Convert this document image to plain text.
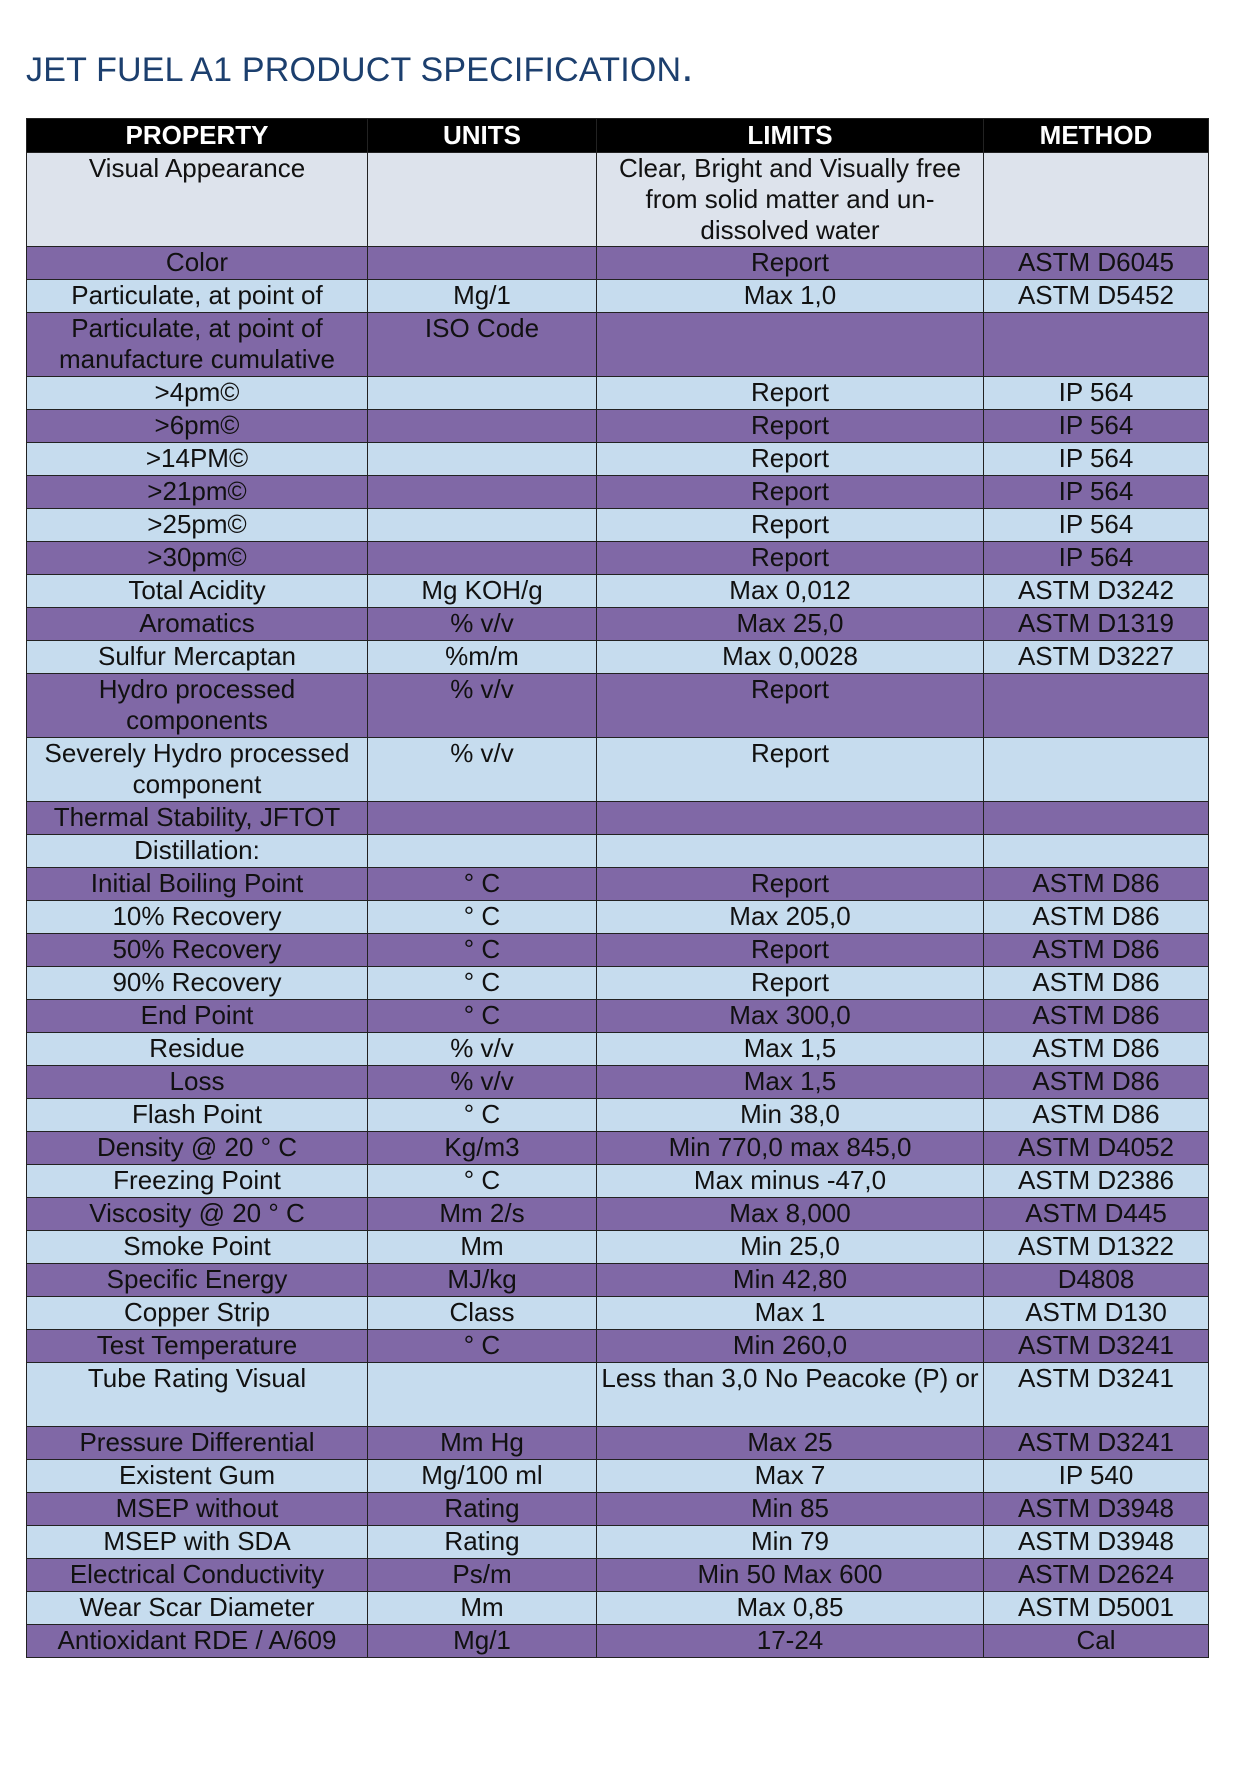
JET FUEL A1 PRODUCT SPECIFICATION.
PROPERTY	UNITS	LIMITS	METHOD
Visual Appearance		Clear, Bright and Visually free from solid matter and un-dissolved water	
Color		Report	ASTM D6045
Particulate, at point of	Mg/1	Max 1,0	ASTM D5452
Particulate, at point of manufacture cumulative	ISO Code		
>4pm©		Report	IP 564
>6pm©		Report	IP 564
>14PM©		Report	IP 564
>21pm©		Report	IP 564
>25pm©		Report	IP 564
>30pm©		Report	IP 564
Total Acidity	Mg KOH/g	Max 0,012	ASTM D3242
Aromatics	% v/v	Max 25,0	ASTM D1319
Sulfur Mercaptan	%m/m	Max 0,0028	ASTM D3227
Hydro processed components	% v/v	Report	
Severely Hydro processed component	% v/v	Report	
Thermal Stability, JFTOT			
Distillation:			
Initial Boiling Point	° C	Report	ASTM D86
10% Recovery	° C	Max 205,0	ASTM D86
50% Recovery	° C	Report	ASTM D86
90% Recovery	° C	Report	ASTM D86
End Point	° C	Max 300,0	ASTM D86
Residue	% v/v	Max 1,5	ASTM D86
Loss	% v/v	Max 1,5	ASTM D86
Flash Point	° C	Min 38,0	ASTM D86
Density @ 20 ° C	Kg/m3	Min 770,0 max 845,0	ASTM D4052
Freezing Point	° C	Max minus -47,0	ASTM D2386
Viscosity @ 20 ° C	Mm 2/s	Max 8,000	ASTM D445
Smoke Point	Mm	Min 25,0	ASTM D1322
Specific Energy	MJ/kg	Min 42,80	D4808
Copper Strip	Class	Max 1	ASTM D130
Test Temperature	° C	Min 260,0	ASTM D3241
Tube Rating Visual		Less than 3,0 No Peacoke (P) or	ASTM D3241
Pressure Differential	Mm Hg	Max 25	ASTM D3241
Existent Gum	Mg/100 ml	Max 7	IP 540
MSEP without	Rating	Min 85	ASTM D3948
MSEP with SDA	Rating	Min 79	ASTM D3948
Electrical Conductivity	Ps/m	Min 50 Max 600	ASTM D2624
Wear Scar Diameter	Mm	Max 0,85	ASTM D5001
Antioxidant RDE / A/609	Mg/1	17-24	Cal
